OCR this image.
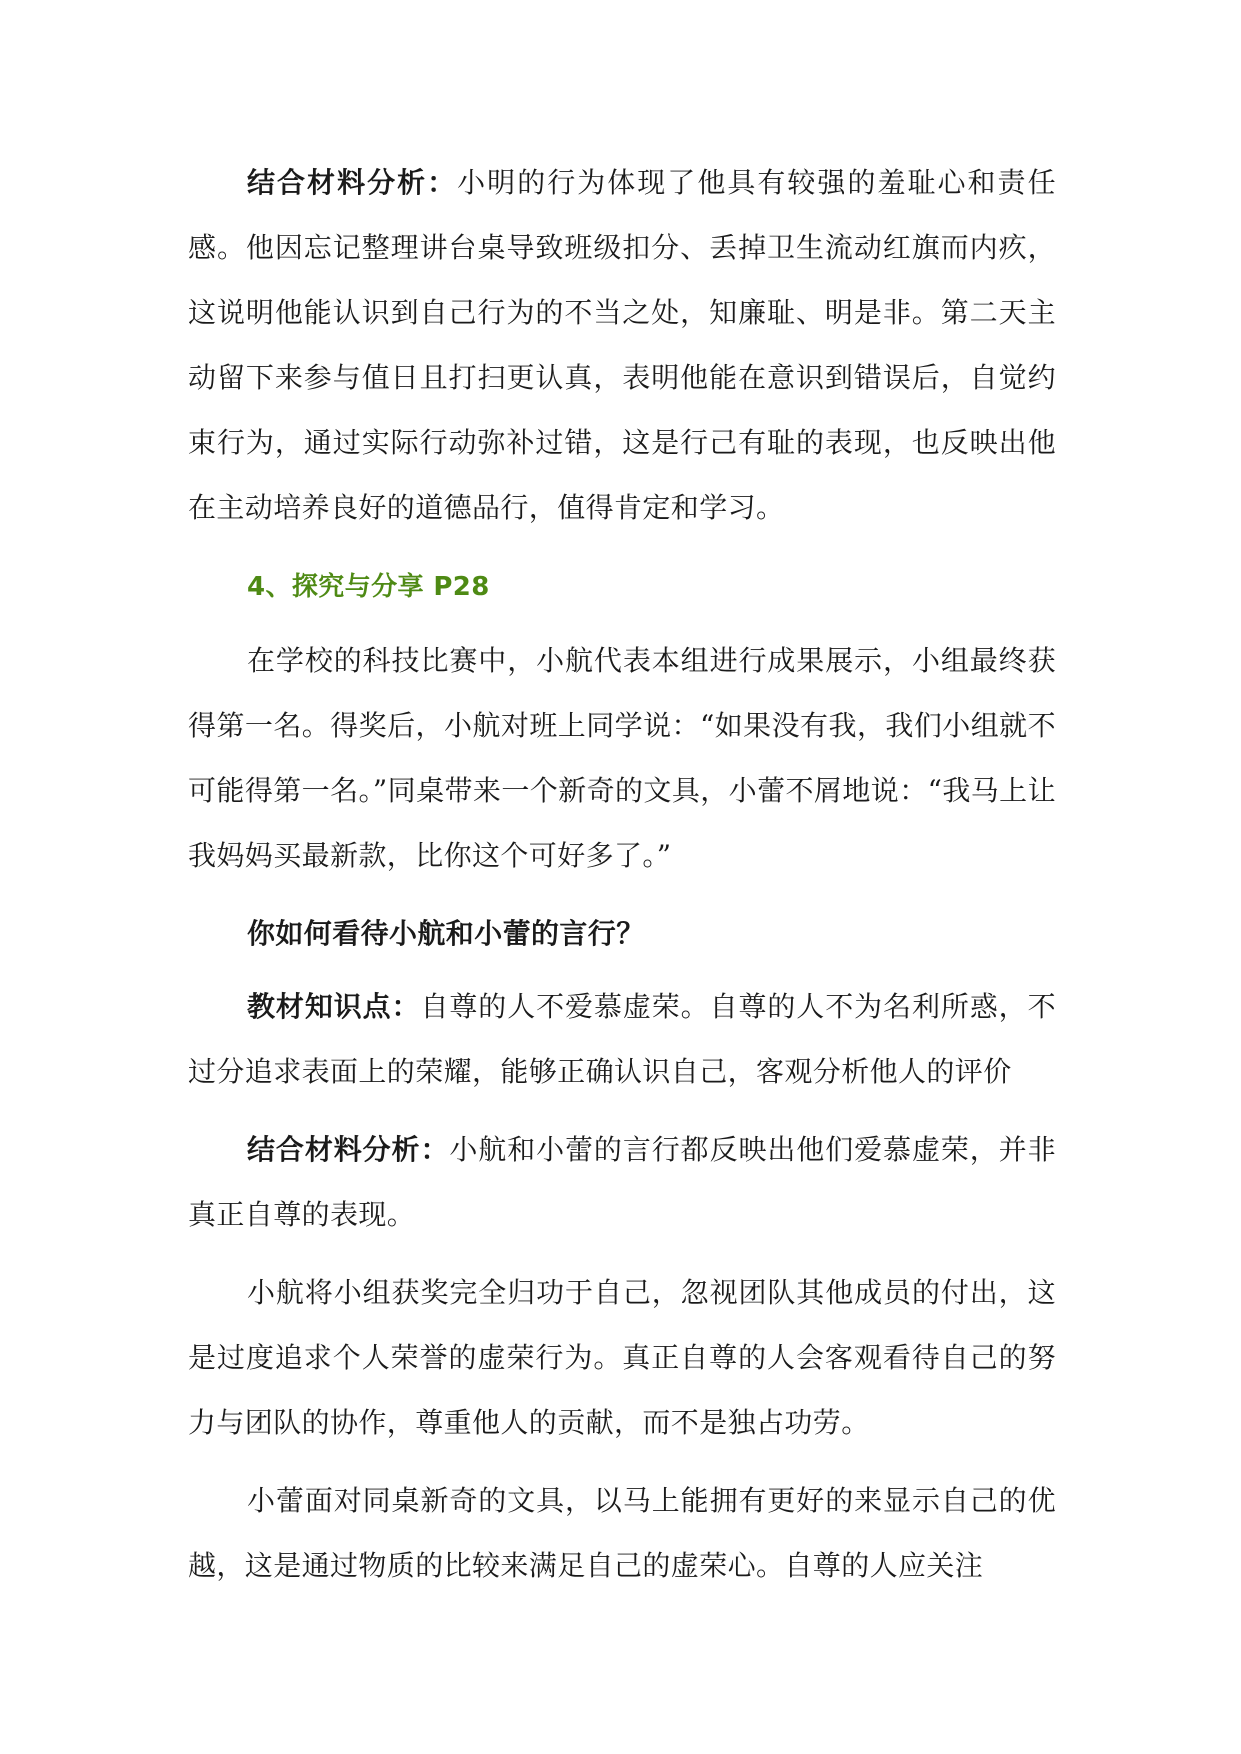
结合材料分析：小明的行为体现了他具有较强的羞耻心和责任感。他因忘记整理讲台桌导致班级扣分、丢掉卫生流动红旗而内疚，这说明他能认识到自己行为的不当之处，知廉耻、明是非。第二天主动留下来参与值日且打扫更认真，表明他能在意识到错误后，自觉约束行为，通过实际行动弥补过错，这是行己有耻的表现，也反映出他在主动培养良好的道德品行，值得肯定和学习。

4、探究与分享 P28

在学校的科技比赛中，小航代表本组进行成果展示，小组最终获得第一名。得奖后，小航对班上同学说：“如果没有我，我们小组就不可能得第一名。”同桌带来一个新奇的文具，小蕾不屑地说：“我马上让我妈妈买最新款，比你这个可好多了。”

你如何看待小航和小蕾的言行？

教材知识点：自尊的人不爱慕虚荣。自尊的人不为名利所惑，不过分追求表面上的荣耀，能够正确认识自己，客观分析他人的评价

结合材料分析：小航和小蕾的言行都反映出他们爱慕虚荣，并非真正自尊的表现。

小航将小组获奖完全归功于自己，忽视团队其他成员的付出，这是过度追求个人荣誉的虚荣行为。真正自尊的人会客观看待自己的努力与团队的协作，尊重他人的贡献，而不是独占功劳。

小蕾面对同桌新奇的文具，以马上能拥有更好的来显示自己的优越，这是通过物质的比较来满足自己的虚荣心。自尊的人应关注
